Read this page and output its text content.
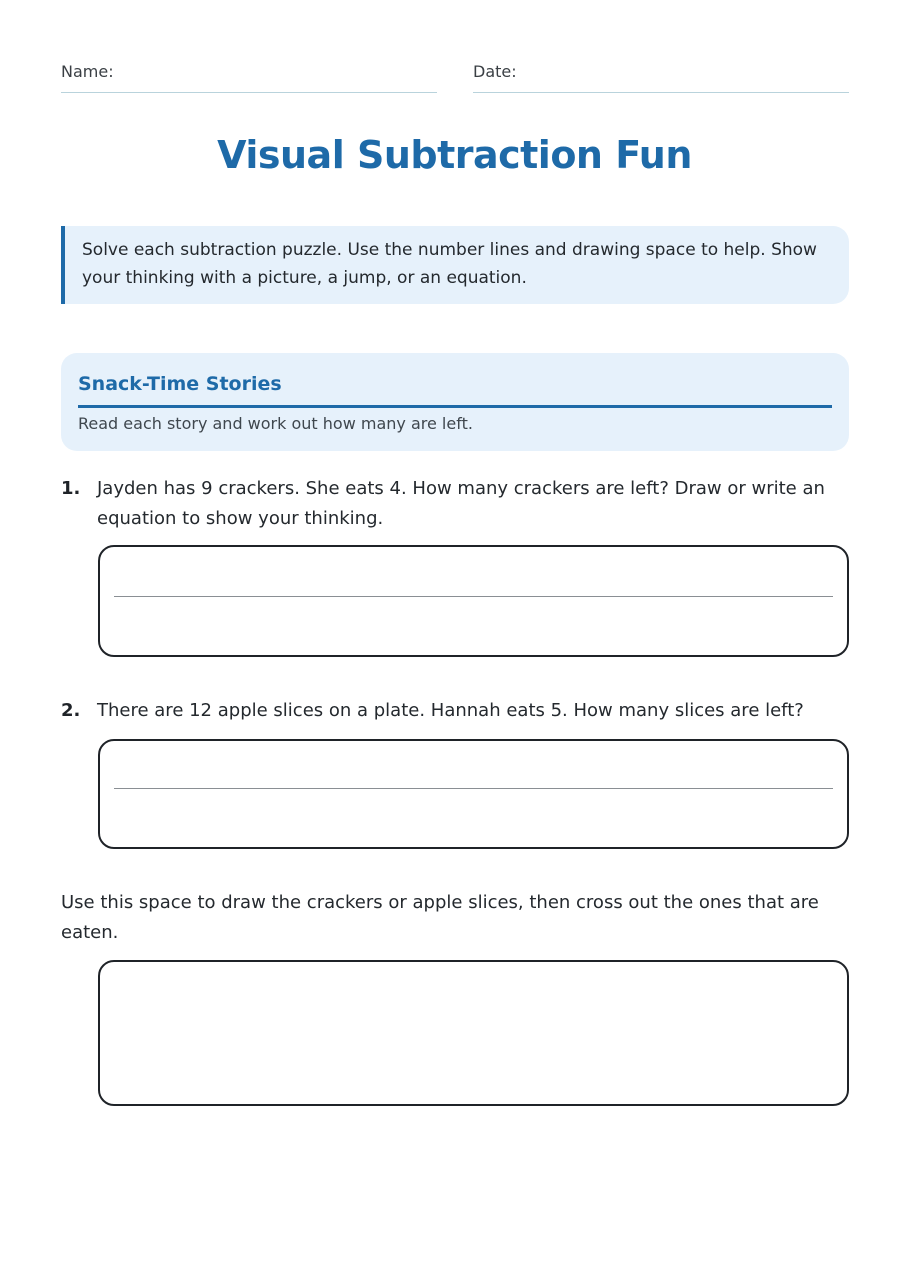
Name:	Date:
Visual Subtraction Fun
Solve each subtraction puzzle. Use the number lines and drawing space to help. Show your thinking with a picture, a jump, or an equation.
Snack-Time Stories
Read each story and work out how many are left.
1. Jayden has 9 crackers. She eats 4. How many crackers are left? Draw or write an equation to show your thinking.
2. There are 12 apple slices on a plate. Hannah eats 5. How many slices are left?
Use this space to draw the crackers or apple slices, then cross out the ones that are eaten.
